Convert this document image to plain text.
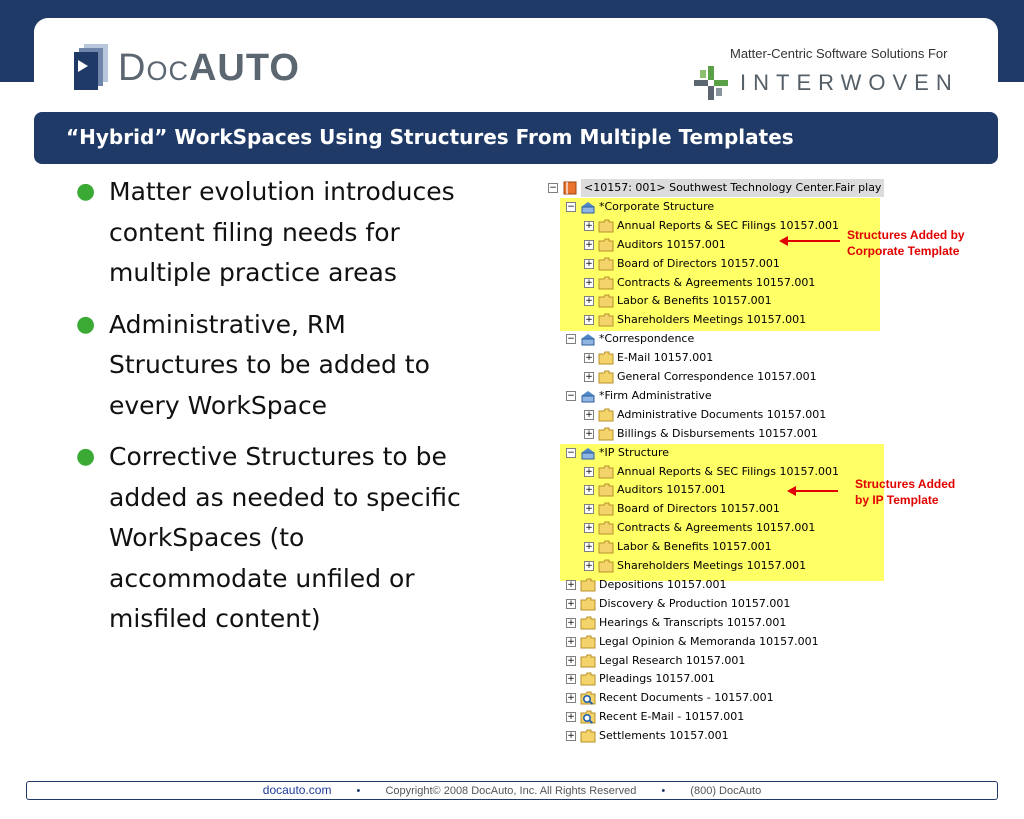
DocAUTO	Matter-Centric Software Solutions For
INTERWOVEN
“Hybrid” WorkSpaces Using Structures From Multiple Templates
● Matter evolution introduces content filing needs for multiple practice areas
● Administrative, RM Structures to be added to every WorkSpace
● Corrective Structures to be added as needed to specific WorkSpaces (to accommodate unfiled or misfiled content)
− <10157: 001> Southwest Technology Center.Fair play
− *Corporate Structure
+ Annual Reports & SEC Filings 10157.001
+ Auditors 10157.001
+ Board of Directors 10157.001
+ Contracts & Agreements 10157.001
+ Labor & Benefits 10157.001
+ Shareholders Meetings 10157.001
− *Correspondence
+ E-Mail 10157.001
+ General Correspondence 10157.001
− *Firm Administrative
+ Administrative Documents 10157.001
+ Billings & Disbursements 10157.001
− *IP Structure
+ Annual Reports & SEC Filings 10157.001
+ Auditors 10157.001
+ Board of Directors 10157.001
+ Contracts & Agreements 10157.001
+ Labor & Benefits 10157.001
+ Shareholders Meetings 10157.001
+ Depositions 10157.001
+ Discovery & Production 10157.001
+ Hearings & Transcripts 10157.001
+ Legal Opinion & Memoranda 10157.001
+ Legal Research 10157.001
+ Pleadings 10157.001
+ Recent Documents - 10157.001
+ Recent E-Mail - 10157.001
+ Settlements 10157.001
Structures Added by
Corporate Template
Structures Added
by IP Template
docauto.com • Copyright© 2008 DocAuto, Inc. All Rights Reserved • (800) DocAuto
